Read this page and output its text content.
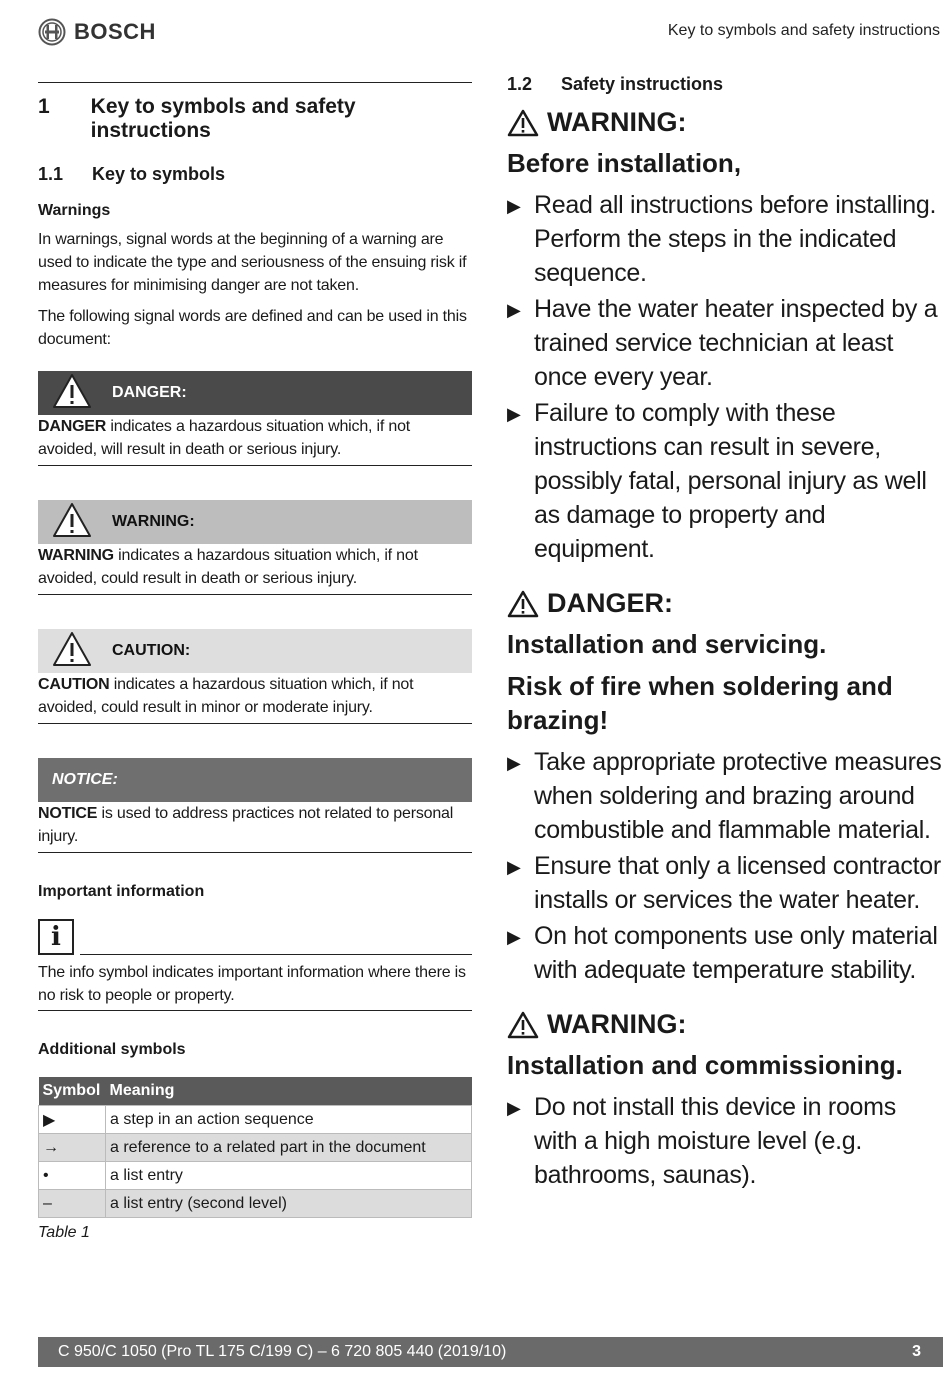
BOSCH	Key to symbols and safety instructions
1	Key to symbols and safety instructions
1.1	Key to symbols
Warnings
In warnings, signal words at the beginning of a warning are used to indicate the type and seriousness of the ensuing risk if measures for minimising danger are not taken.
The following signal words are defined and can be used in this document:
DANGER:
DANGER indicates a hazardous situation which, if not avoided, will result in death or serious injury.
WARNING:
WARNING indicates a hazardous situation which, if not avoided, could result in death or serious injury.
CAUTION:
CAUTION indicates a hazardous situation which, if not avoided, could result in minor or moderate injury.
NOTICE:
NOTICE is used to address practices not related to personal injury.
Important information
i
The info symbol indicates important information where there is no risk to people or property.
Additional symbols
Symbol	Meaning
▶	a step in an action sequence
→	a reference to a related part in the document
•	a list entry
–	a list entry (second level)
Table 1
1.2	Safety instructions
WARNING:
Before installation,
▶ Read all instructions before installing. Perform the steps in the indicated sequence.
▶ Have the water heater inspected by a trained service technician at least once every year.
▶ Failure to comply with these instructions can result in severe, possibly fatal, personal injury as well as damage to property and equipment.
DANGER:
Installation and servicing.
Risk of fire when soldering and brazing!
▶ Take appropriate protective measures when soldering and brazing around combustible and flammable material.
▶ Ensure that only a licensed contractor installs or services the water heater.
▶ On hot components use only material with adequate temperature stability.
WARNING:
Installation and commissioning.
▶ Do not install this device in rooms with a high moisture level (e.g. bathrooms, saunas).
C 950/C 1050 (Pro TL 175 C/199 C) – 6 720 805 440 (2019/10)	3
